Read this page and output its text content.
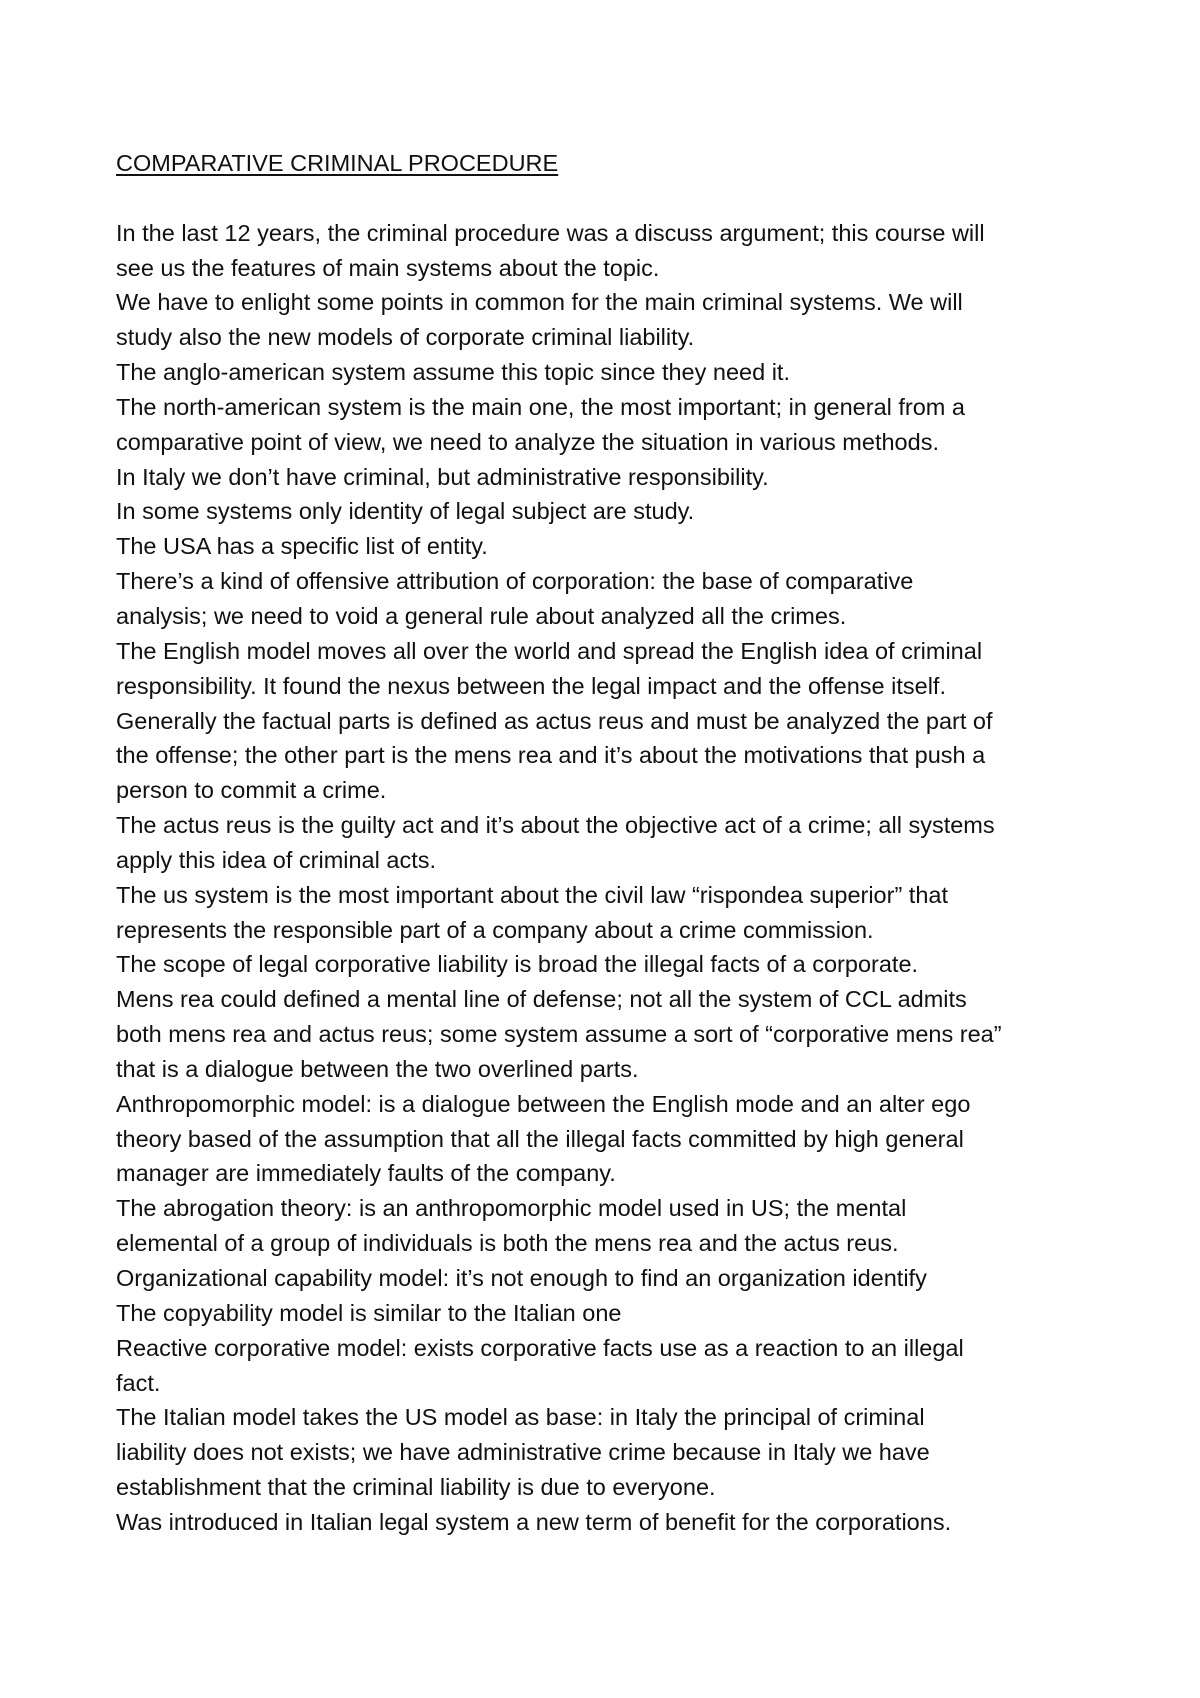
COMPARATIVE CRIMINAL PROCEDURE
In the last 12 years, the criminal procedure was a discuss argument; this course will
see us the features of main systems about the topic.
We have to enlight some points in common for the main criminal systems. We will
study also the new models of corporate criminal liability.
The anglo-american system assume this topic since they need it.
The north-american system is the main one, the most important; in general from a
comparative point of view, we need to analyze the situation in various methods.
In Italy we don’t have criminal, but administrative responsibility.
In some systems only identity of legal subject are study.
The USA has a specific list of entity.
There’s a kind of offensive attribution of corporation: the base of comparative
analysis; we need to void a general rule about analyzed all the crimes.
The English model moves all over the world and spread the English idea of criminal
responsibility. It found the nexus between the legal impact and the offense itself.
Generally the factual parts is defined as actus reus and must be analyzed the part of
the offense; the other part is the mens rea and it’s about the motivations that push a
person to commit a crime.
The actus reus is the guilty act and it’s about the objective act of a crime; all systems
apply this idea of criminal acts.
The us system is the most important about the civil law “rispondea superior” that
represents the responsible part of a company about a crime commission.
The scope of legal corporative liability is broad the illegal facts of a corporate.
Mens rea could defined a mental line of defense; not all the system of CCL admits
both mens rea and actus reus; some system assume a sort of “corporative mens rea”
that is a dialogue between the two overlined parts.
Anthropomorphic model: is a dialogue between the English mode and an alter ego
theory based of the assumption that all the illegal facts committed by high general
manager are immediately faults of the company.
The abrogation theory: is an anthropomorphic model used in US; the mental
elemental of a group of individuals is both the mens rea and the actus reus.
Organizational capability model: it’s not enough to find an organization identify
The copyability model is similar to the Italian one
Reactive corporative model: exists corporative facts use as a reaction to an illegal
fact.
The Italian model takes the US model as base: in Italy the principal of criminal
liability does not exists; we have administrative crime because in Italy we have
establishment that the criminal liability is due to everyone.
Was introduced in Italian legal system a new term of benefit for the corporations.
